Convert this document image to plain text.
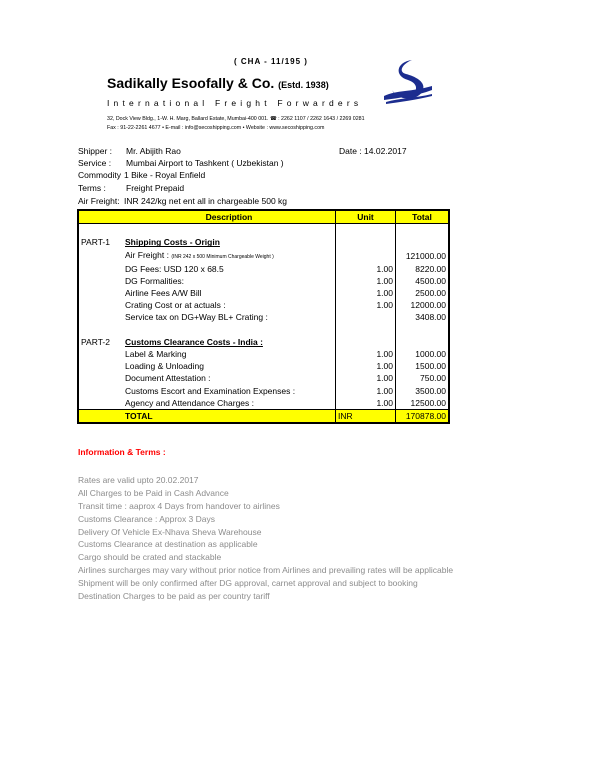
( CHA - 11/195 )
Sadikally Esoofally & Co. (Estd. 1938)
International Freight Forwarders
32, Dock View Bldg., 1-W. H. Marg, Ballard Estate, Mumbai-400 001. ☎ : 2262 1107 / 2262 1643 / 2269 0281
Fax : 91-22-2261 4677 • E-mail : info@secoshipping.com • Website : www.secoshipping.com
Shipper : Mr. Abijith Rao	Date : 14.02.2017
Service : Mumbai Airport to Tashkent ( Uzbekistan )
Commodity 1 Bike - Royal Enfield
Terms : Freight Prepaid
Air Freight: INR 242/kg net ent all in chargeable 500 kg
	Description	Unit	Total

PART-1	Shipping Costs - Origin		
	Air Freight : (INR 242 x 500 Minimum Chargeable Weight )		121000.00
	DG Fees: USD 120 x 68.5	1.00	8220.00
	DG Formalities:	1.00	4500.00
	Airline Fees A/W Bill	1.00	2500.00
	Crating Cost or at actuals :	1.00	12000.00
	Service tax on DG+Way BL+ Crating :		3408.00

PART-2	Customs Clearance Costs - India :		
	Label & Marking	1.00	1000.00
	Loading & Unloading	1.00	1500.00
	Document Attestation :	1.00	750.00
	Customs Escort and Examination Expenses :	1.00	3500.00
	Agency and Attendance Charges :	1.00	12500.00
	TOTAL	INR	170878.00
Information & Terms :
Rates are valid upto 20.02.2017
All Charges to be Paid in Cash Advance
Transit time : aaprox 4 Days from handover to airlines
Customs Clearance : Approx 3 Days
Delivery Of Vehicle Ex-Nhava Sheva Warehouse
Customs Clearance at destination as applicable
Cargo should be crated and stackable
Airlines surcharges may vary without prior notice from Airlines and prevailing rates will be applicable
Shipment will be only confirmed after DG approval, carnet approval and subject to booking
Destination Charges to be paid as per country tariff
